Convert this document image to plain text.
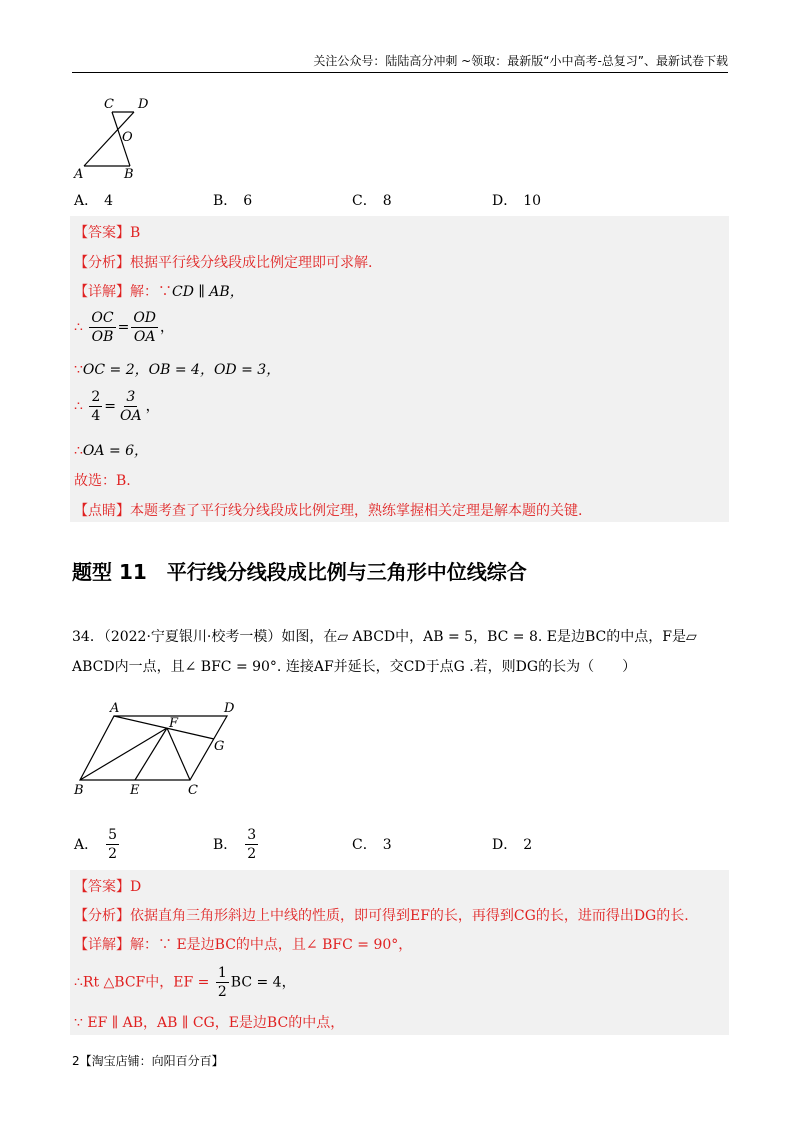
关注公众号：陆陆高分冲刺 ~领取：最新版“小中高考-总复习”、最新试卷下载
C D
O
A	B
A． 4	B． 6	C． 8	D． 10
【答案】B
【分析】根据平行线分线段成比例定理即可求解.
【详解】解：∵CD ∥ AB，
∴ $\frac{OC}{OB} = \frac{OD}{OA}$ ，
∵OC = 2，OB = 4，OD = 3，
∴ $\frac{2}{4} = \frac{3}{OA}$ ，
∴OA = 6，
故选：B.
【点睛】本题考查了平行线分线段成比例定理，熟练掌握相关定理是解本题的关键.
题型 11　平行线分线段成比例与三角形中位线综合
34．（2022·宁夏银川·校考一模）如图，在▱ ABCD中，AB = 5，BC = 8. E是边BC的中点，F是▱
ABCD内一点，且∠ BFC = 90°. 连接AF并延长，交CD于点G .若，则DG的长为（　　）
A	D
F
G
B	E	C
A． $\frac{5}{2}$	B． $\frac{3}{2}$	C． 3	D． 2
【答案】D
【分析】依据直角三角形斜边上中线的性质，即可得到EF的长，再得到CG的长，进而得出DG的长.
【详解】解：∵ E是边BC的中点，且∠ BFC = 90°，
∴Rt △BCF中，EF = $\frac{1}{2}$ BC = 4，
∵ EF ∥ AB，AB ∥ CG，E是边BC的中点，
2【淘宝店铺：向阳百分百】
